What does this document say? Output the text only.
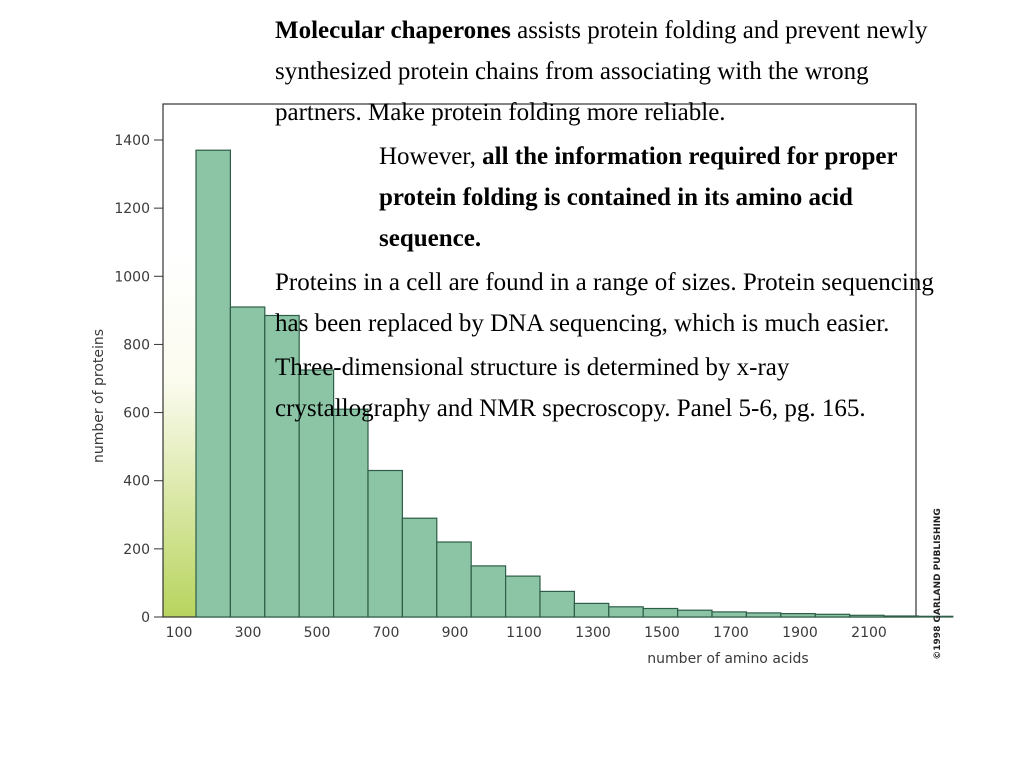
0
200
400
600
800
1000
1200
1400
100	300	500	700	900	1100 1300 1500 1700 1900 2100
number of proteins
number of amino acids	©1998 GARLAND PUBLISHING

Molecular chaperones assists protein folding and prevent newly synthesized protein chains from associating with the wrong partners. Make protein folding more reliable.

However, all the information required for proper protein folding is contained in its amino acid sequence.

Proteins in a cell are found in a range of sizes. Protein sequencing has been replaced by DNA sequencing, which is much easier.

Three-dimensional structure is determined by x-ray crystallography and NMR specroscopy. Panel 5-6, pg. 165.
